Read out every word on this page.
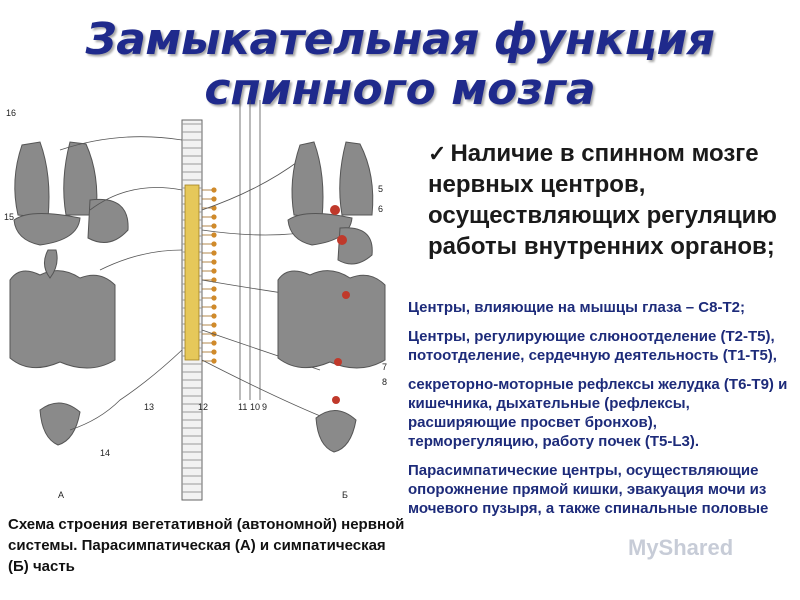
Замыкательная функция
спинного мозга
16
15
14
13	12	11 10 9
5
6
7
8
А	Б
✓ Наличие в спинном мозге нервных центров, осуществляющих регуляцию работы внутренних органов;

Центры, влияющие на мышцы глаза – С8-Т2;

Центры, регулирующие слюноотделение (Т2-Т5), потоотделение, сердечную деятельность (Т1-Т5),

секреторно-моторные рефлексы желудка (Т6-Т9) и кишечника, дыхательные (рефлексы, расширяющие просвет бронхов), терморегуляцию, работу почек (Т5-L3).

Парасимпатические центры, осуществляющие опорожнение прямой кишки, эвакуация мочи из мочевого пузыря, а также спинальные половые

Схема строения вегетативной (автономной) нервной системы. Парасимпатическая (А) и симпатическая (Б) часть
MyShared
